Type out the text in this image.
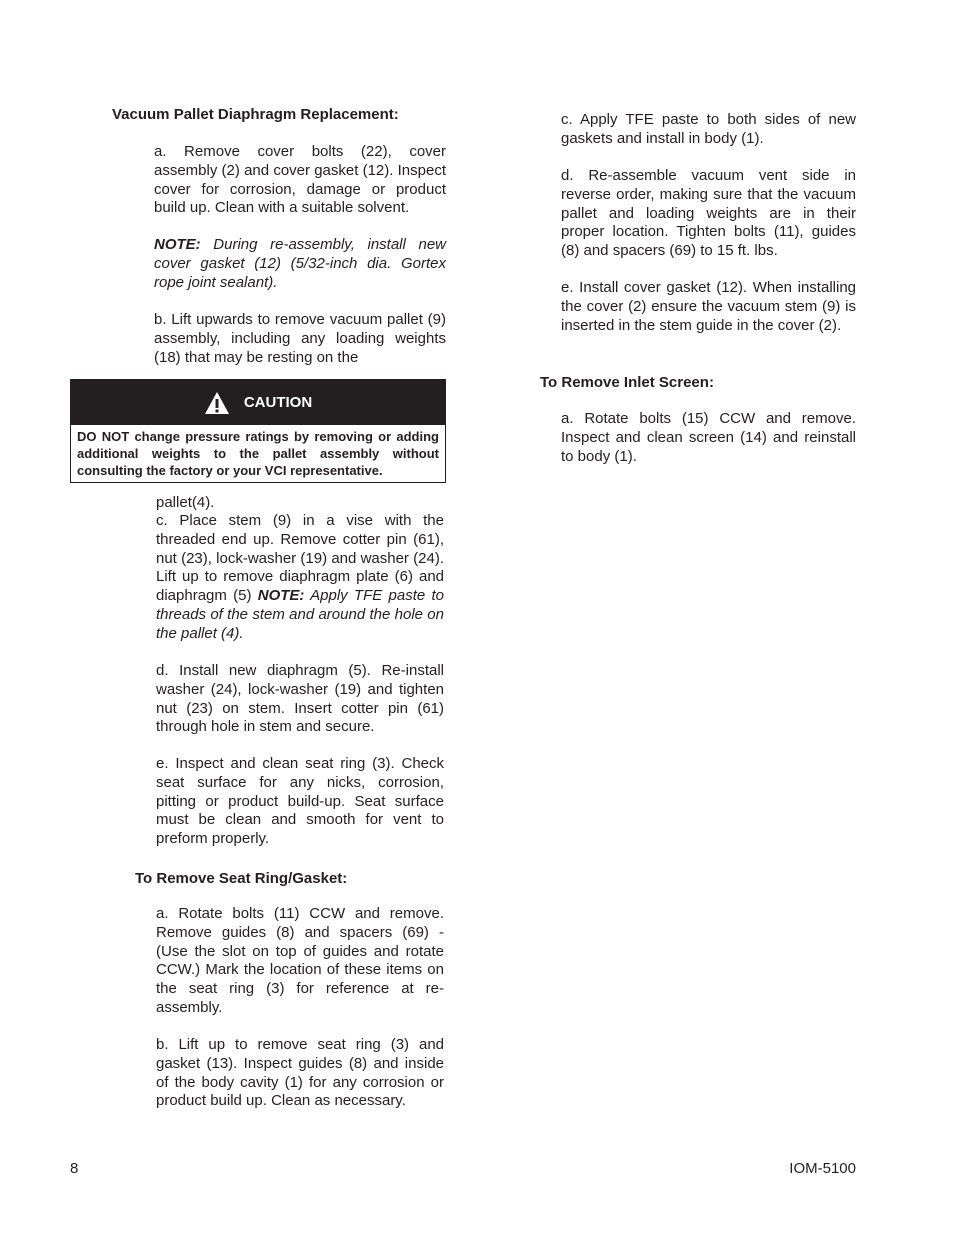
Vacuum Pallet Diaphragm Replacement:
a. Remove cover bolts (22), cover assembly (2) and cover gasket (12). Inspect cover for corrosion, damage or product build up. Clean with a suitable solvent.
NOTE: During re-assembly, install new cover gasket (12) (5/32-inch dia. Gortex rope joint sealant).
b. Lift upwards to remove vacuum pallet (9) assembly, including any loading weights (18) that may be resting on the
CAUTION
DO NOT change pressure ratings by removing or adding additional weights to the pallet assembly without consulting the factory or your VCI representative.
pallet(4).
c. Place stem (9) in a vise with the threaded end up. Remove cotter pin (61), nut (23), lock-washer (19) and washer (24). Lift up to remove diaphragm plate (6) and diaphragm (5) NOTE: Apply TFE paste to threads of the stem and around the hole on the pallet (4).
d. Install new diaphragm (5). Re-install washer (24), lock-washer (19) and tighten nut (23) on stem. Insert cotter pin (61) through hole in stem and secure.
e. Inspect and clean seat ring (3). Check seat surface for any nicks, corrosion, pitting or product build-up. Seat surface must be clean and smooth for vent to preform properly.
To Remove Seat Ring/Gasket:
a. Rotate bolts (11) CCW and remove. Remove guides (8) and spacers (69) - (Use the slot on top of guides and rotate CCW.) Mark the location of these items on the seat ring (3) for reference at re-assembly.
b. Lift up to remove seat ring (3) and gasket (13). Inspect guides (8) and inside of the body cavity (1) for any corrosion or product build up. Clean as necessary.
c. Apply TFE paste to both sides of new gaskets and install in body (1).
d. Re-assemble vacuum vent side in reverse order, making sure that the vacuum pallet and loading weights are in their proper location. Tighten bolts (11), guides (8) and spacers (69) to 15 ft. lbs.
e. Install cover gasket (12). When installing the cover (2) ensure the vacuum stem (9) is inserted in the stem guide in the cover (2).
To Remove Inlet Screen:
a. Rotate bolts (15) CCW and remove. Inspect and clean screen (14) and reinstall to body (1).
8	IOM-5100
